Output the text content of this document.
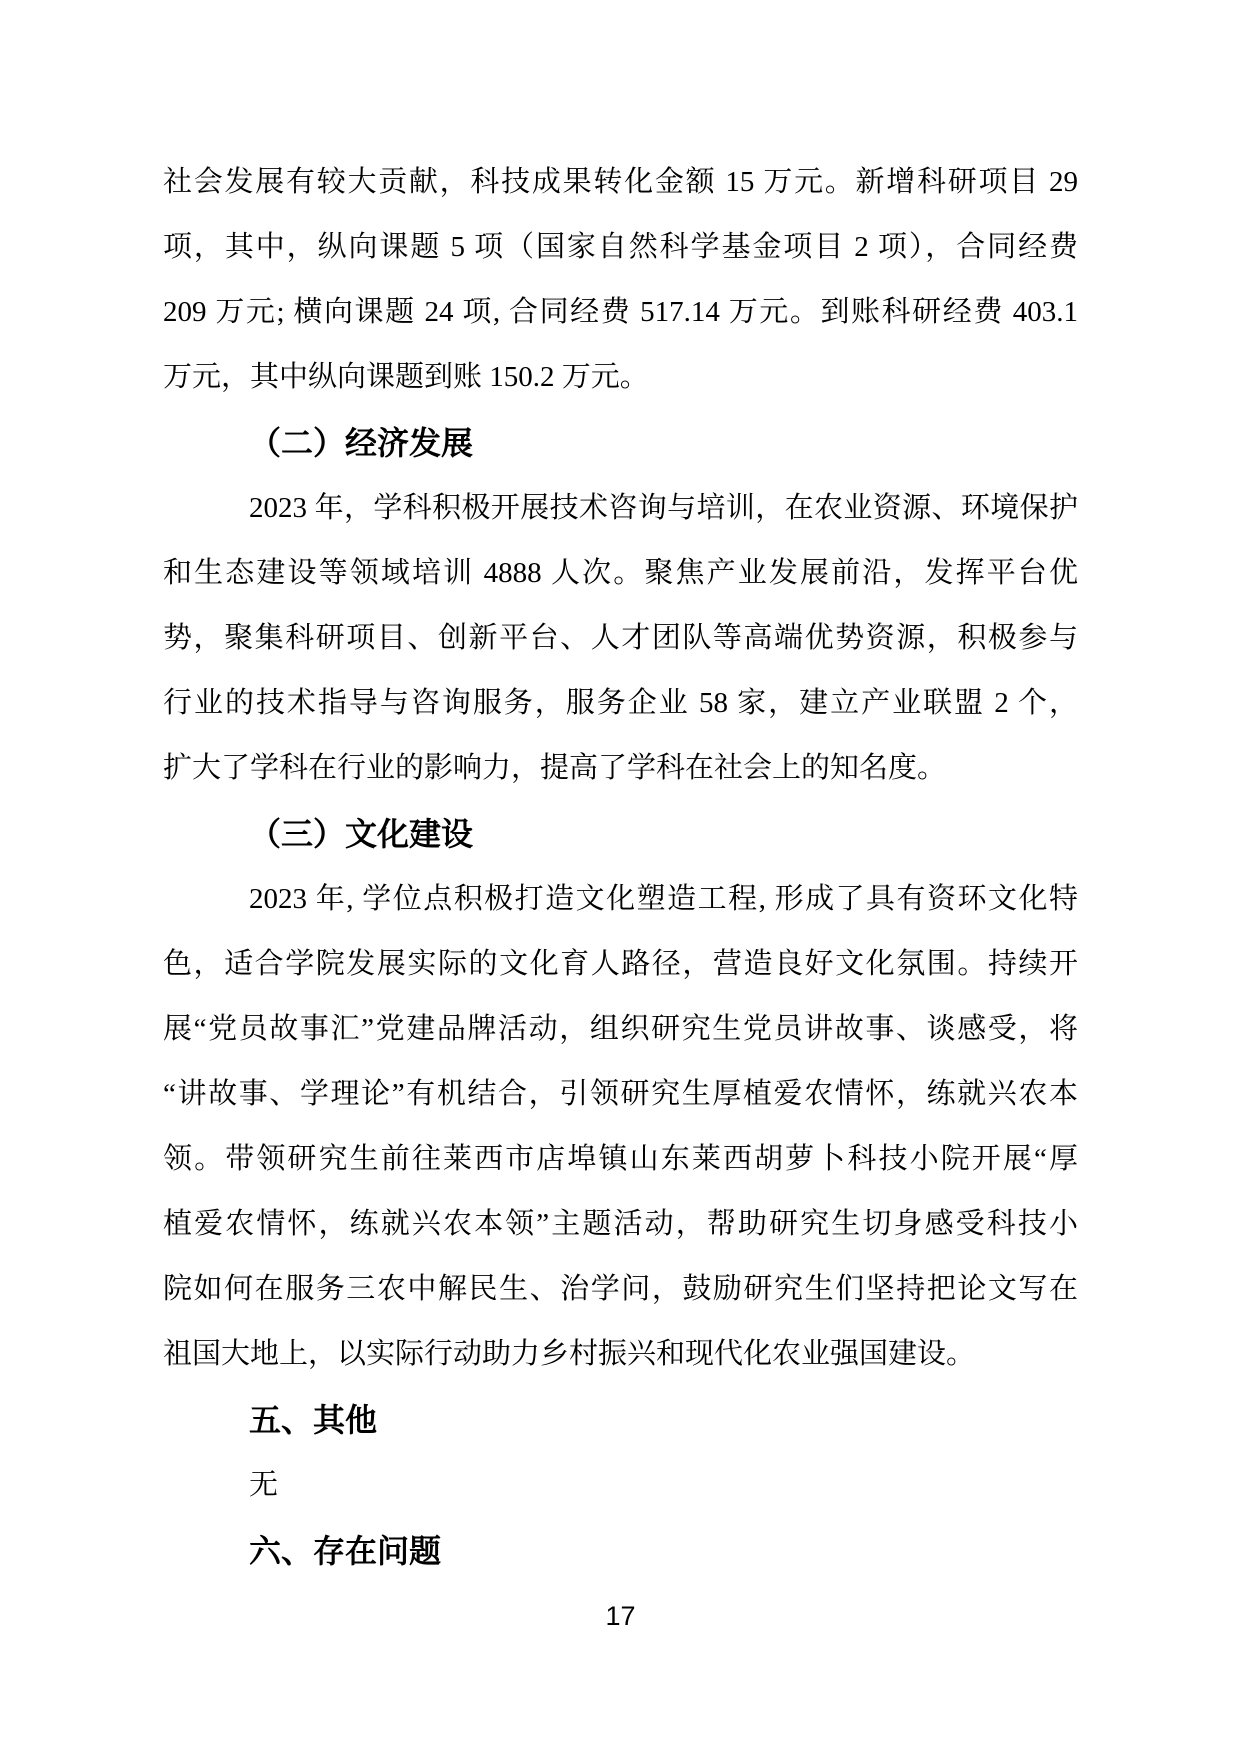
社会发展有较大贡献，科技成果转化金额 15 万元。新增科研项目 29
项，其中，纵向课题 5 项（国家自然科学基金项目 2 项），合同经费
209 万元; 横向课题 24 项, 合同经费 517.14 万元。到账科研经费 403.1
万元，其中纵向课题到账 150.2 万元。
（二）经济发展
2023 年，学科积极开展技术咨询与培训，在农业资源、环境保护
和生态建设等领域培训 4888 人次。聚焦产业发展前沿，发挥平台优
势，聚集科研项目、创新平台、人才团队等高端优势资源，积极参与
行业的技术指导与咨询服务，服务企业 58 家，建立产业联盟 2 个，
扩大了学科在行业的影响力，提高了学科在社会上的知名度。
（三）文化建设
2023 年, 学位点积极打造文化塑造工程, 形成了具有资环文化特
色，适合学院发展实际的文化育人路径，营造良好文化氛围。持续开
展“党员故事汇”党建品牌活动，组织研究生党员讲故事、谈感受，将
“讲故事、学理论”有机结合，引领研究生厚植爱农情怀，练就兴农本
领。带领研究生前往莱西市店埠镇山东莱西胡萝卜科技小院开展“厚
植爱农情怀，练就兴农本领”主题活动，帮助研究生切身感受科技小
院如何在服务三农中解民生、治学问，鼓励研究生们坚持把论文写在
祖国大地上，以实际行动助力乡村振兴和现代化农业强国建设。
五、其他
无
六、存在问题
17
